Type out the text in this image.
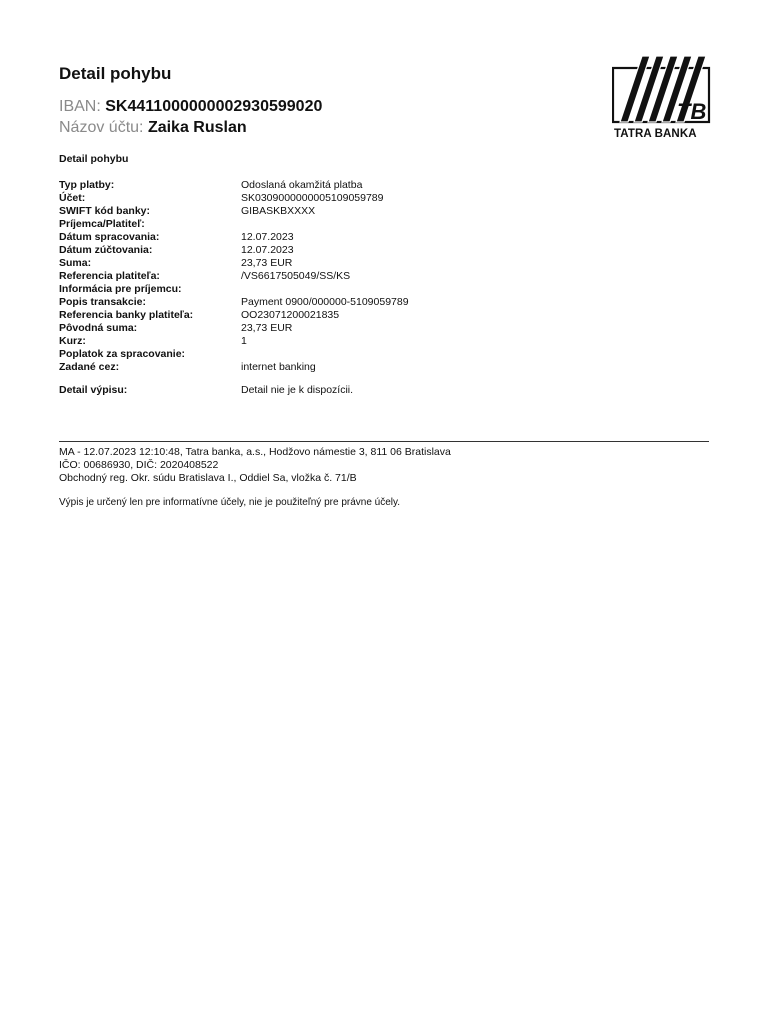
Detail pohybu
IBAN: SK4411000000002930599020
Názov účtu: Zaika Ruslan
TB
TATRA BANKA
Detail pohybu
Typ platby:	Odoslaná okamžitá platba
Účet:	SK0309000000005109059789
SWIFT kód banky:	GIBASKBXXXX
Príjemca/Platiteľ:
Dátum spracovania:	12.07.2023
Dátum zúčtovania:	12.07.2023
Suma:	23,73 EUR
Referencia platiteľa:	/VS6617505049/SS/KS
Informácia pre príjemcu:
Popis transakcie:	Payment 0900/000000-5109059789
Referencia banky platiteľa:	OO23071200021835
Pôvodná suma:	23,73 EUR
Kurz:	1
Poplatok za spracovanie:
Zadané cez:	internet banking
Detail výpisu:	Detail nie je k dispozícii.
MA - 12.07.2023 12:10:48, Tatra banka, a.s., Hodžovo námestie 3, 811 06 Bratislava
IČO: 00686930, DIČ: 2020408522
Obchodný reg. Okr. súdu Bratislava I., Oddiel Sa, vložka č. 71/B
Výpis je určený len pre informatívne účely, nie je použiteľný pre právne účely.
